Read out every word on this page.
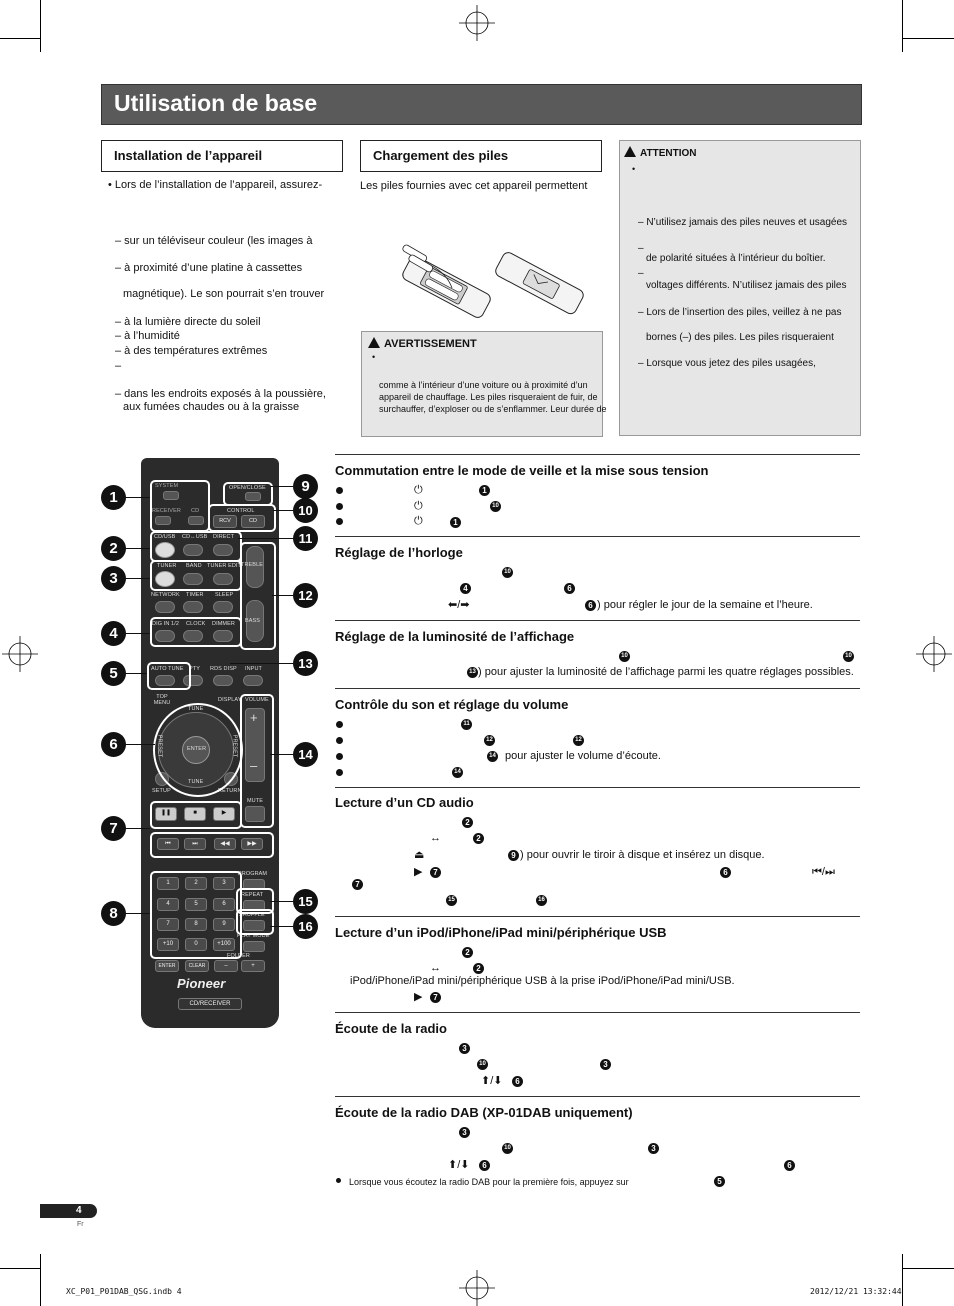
Utilisation de base
Installation de l’appareil
• Lors de l’installation de l’appareil, assurez-
– sur un téléviseur couleur (les images à
– à proximité d’une platine à cassettes
magnétique). Le son pourrait s’en trouver
– à la lumière directe du soleil
– à l’humidité
– à des températures extrêmes
–
– dans les endroits exposés à la poussière,
aux fumées chaudes ou à la graisse
Chargement des piles
Les piles fournies avec cet appareil permettent
AVERTISSEMENT
•
comme à l’intérieur d’une voiture ou à proximité d’un
appareil de chauffage. Les piles risqueraient de fuir, de
surchauffer, d’exploser ou de s’enflammer. Leur durée de
ATTENTION
•
– N’utilisez jamais des piles neuves et usagées
–
de polarité situées à l’intérieur du boîtier.
–
voltages différents. N’utilisez jamais des piles
– Lors de l’insertion des piles, veillez à ne pas
bornes (–) des piles. Les piles risqueraient
– Lorsque vous jetez des piles usagées,
SYSTEM	OPEN/CLOSE
RECEIVER CD	CONTROL
RCV	CD
CD/USB CD↔USB DIRECT
TUNER BAND TUNER EDIT TREBLE
BASS
NETWORK TIMER SLEEP
DIG IN 1/2 CLOCK DIMMER
AUTO TUNE PTY RDS DISP INPUT
TOP MENU	DISPLAY VOLUME
ENTER
TUNE
TUNE
PRESET	PRESET
+
–
SETUP	RETURN
MUTE
❚❚	■	▶
⏮	⏭	◀◀	▶▶
1	2	3
4	5	6
7	8	9
+10	0	+100
PROGRAM
REPEAT
SHUFFLE
PLAY MODE
FOLDER
ENTER	CLEAR	–	+
Pioneer
CD/RECEIVER
1
2
3
4
5
6
7
8
9
10
11
12
13
14
15
16
Commutation entre le mode de veille et la mise sous tension
⏻	1
⏻	10
⏻	1
Réglage de l’horloge
10
4	6
⬅/➡	6 ) pour régler le jour de la semaine et l’heure.
Réglage de la luminosité de l’affichage
10	10
13 ) pour ajuster la luminosité de l’affichage parmi les quatre réglages possibles.
Contrôle du son et réglage du volume
11
12	12
14 pour ajuster le volume d’écoute.
14
Lecture d’un CD audio
2
↔	2
⏏	9 ) pour ouvrir le tiroir à disque et insérez un disque.
▶	7	6	⏮/⏭
7
15	16
Lecture d’un iPod/iPhone/iPad mini/périphérique USB
2
↔	2
iPod/iPhone/iPad mini/périphérique USB à la prise iPod/iPhone/iPad mini/USB.
▶	7
Écoute de la radio
3
10	3
⬆/⬇	6
Écoute de la radio DAB (XP-01DAB uniquement)
3
10	3
⬆/⬇	6	6
Lorsque vous écoutez la radio DAB pour la première fois, appuyez sur	5
4
Fr
XC_P01_P01DAB_QSG.indb 4	2012/12/21 13:32:44
